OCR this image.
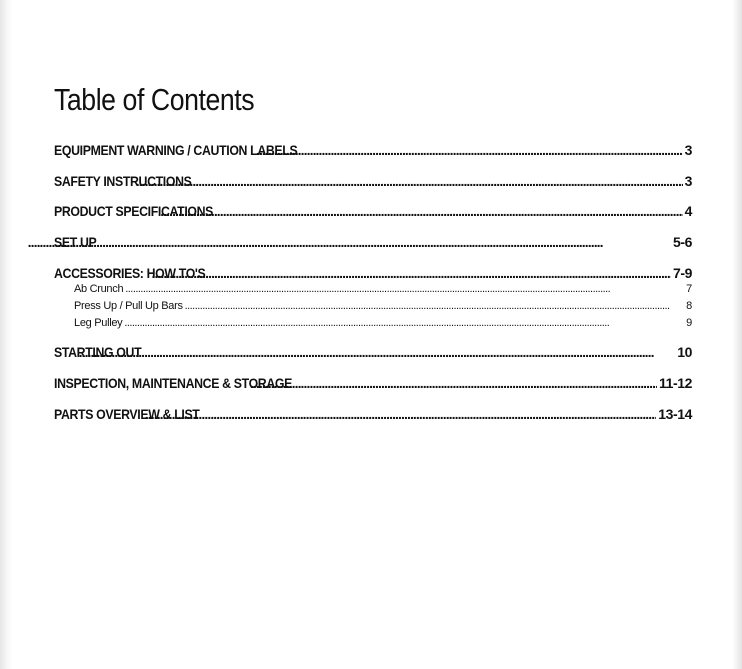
Table of Contents
EQUIPMENT WARNING / CAUTION LABELS . . .	3
SAFETY INSTRUCTIONS . . .	3
PRODUCT SPECIFICATIONS . . .	4
SET UP . . .	5-6
ACCESSORIES: HOW TO'S . . .	7-9
Ab Crunch . . .	7
Press Up / Pull Up Bars . . .	8
Leg Pulley . . .	9
STARTING OUT . . .	10
INSPECTION, MAINTENANCE & STORAGE . . .	11-12
PARTS OVERVIEW & LIST . . .	13-14
